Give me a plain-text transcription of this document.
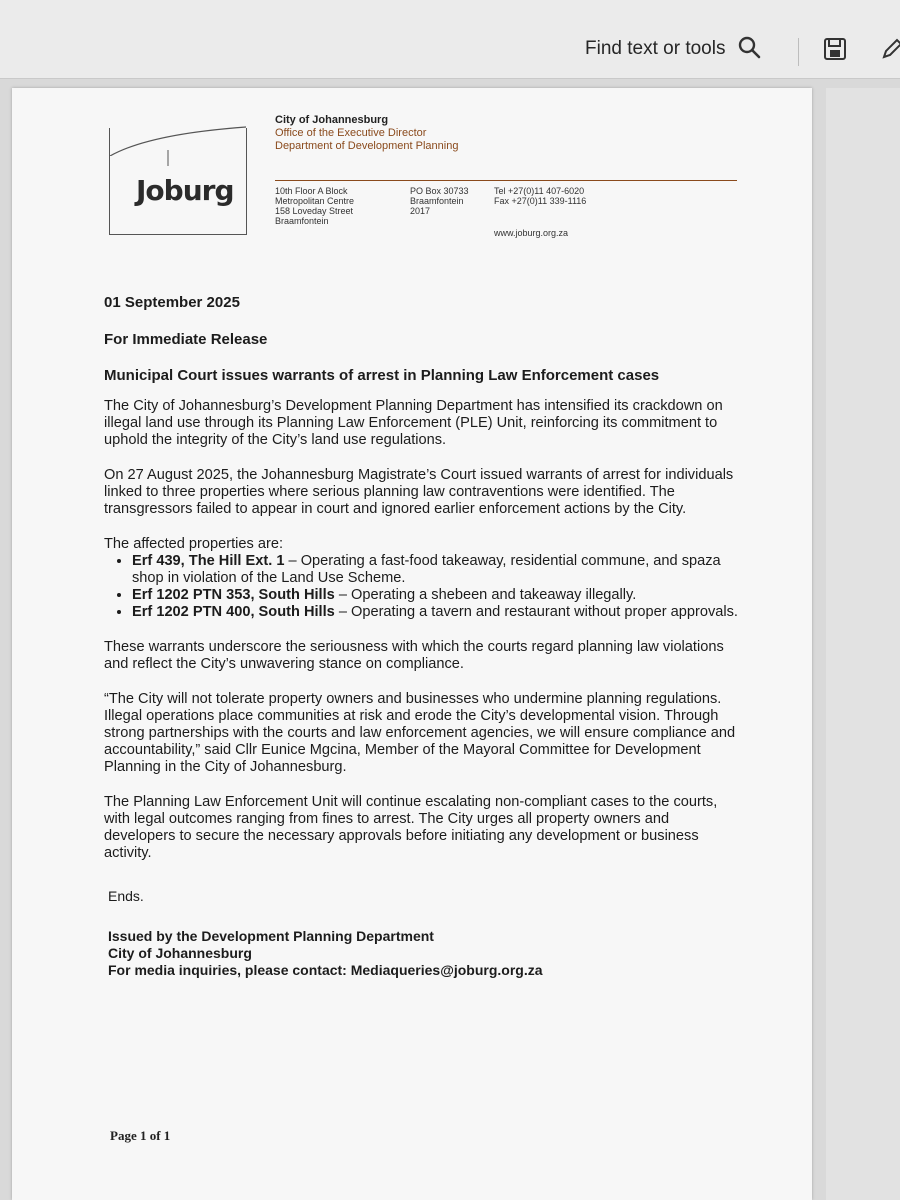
Find text or tools
Joburg
City of Johannesburg
Office of the Executive Director
Department of Development Planning
10th Floor A Block
Metropolitan Centre
158 Loveday Street
Braamfontein
PO Box 30733
Braamfontein
2017
Tel +27(0)11 407-6020
Fax +27(0)11 339-1116
www.joburg.org.za
01 September 2025
For Immediate Release
Municipal Court issues warrants of arrest in Planning Law Enforcement cases

The City of Johannesburg’s Development Planning Department has intensified its crackdown on illegal land use through its Planning Law Enforcement (PLE) Unit, reinforcing its commitment to uphold the integrity of the City’s land use regulations.

On 27 August 2025, the Johannesburg Magistrate’s Court issued warrants of arrest for individuals linked to three properties where serious planning law contraventions were identified. The transgressors failed to appear in court and ignored earlier enforcement actions by the City.

The affected properties are:
• Erf 439, The Hill Ext. 1 – Operating a fast-food takeaway, residential commune, and spaza shop in violation of the Land Use Scheme.
• Erf 1202 PTN 353, South Hills – Operating a shebeen and takeaway illegally.
• Erf 1202 PTN 400, South Hills – Operating a tavern and restaurant without proper approvals.

These warrants underscore the seriousness with which the courts regard planning law violations and reflect the City’s unwavering stance on compliance.

“The City will not tolerate property owners and businesses who undermine planning regulations. Illegal operations place communities at risk and erode the City’s developmental vision. Through strong partnerships with the courts and law enforcement agencies, we will ensure compliance and accountability,” said Cllr Eunice Mgcina, Member of the Mayoral Committee for Development Planning in the City of Johannesburg.

The Planning Law Enforcement Unit will continue escalating non-compliant cases to the courts, with legal outcomes ranging from fines to arrest. The City urges all property owners and developers to secure the necessary approvals before initiating any development or business activity.

Ends.
Issued by the Development Planning Department
City of Johannesburg
For media inquiries, please contact: Mediaqueries@joburg.org.za
Page 1 of 1
